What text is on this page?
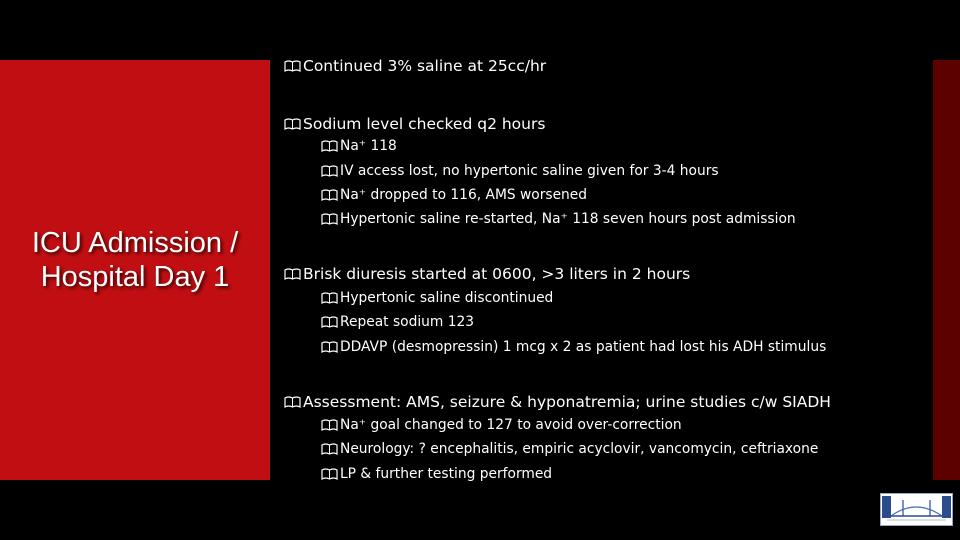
ICU Admission /
Hospital Day 1
Continued 3% saline at 25cc/hr
Sodium level checked q2 hours
Na⁺ 118
IV access lost, no hypertonic saline given for 3-4 hours
Na⁺ dropped to 116, AMS worsened
Hypertonic saline re-started, Na⁺ 118 seven hours post admission
Brisk diuresis started at 0600, >3 liters in 2 hours
Hypertonic saline discontinued
Repeat sodium 123
DDAVP (desmopressin) 1 mcg x 2 as patient had lost his ADH stimulus
Assessment: AMS, seizure & hyponatremia; urine studies c/w SIADH
Na⁺ goal changed to 127 to avoid over-correction
Neurology: ? encephalitis, empiric acyclovir, vancomycin, ceftriaxone
LP & further testing performed
